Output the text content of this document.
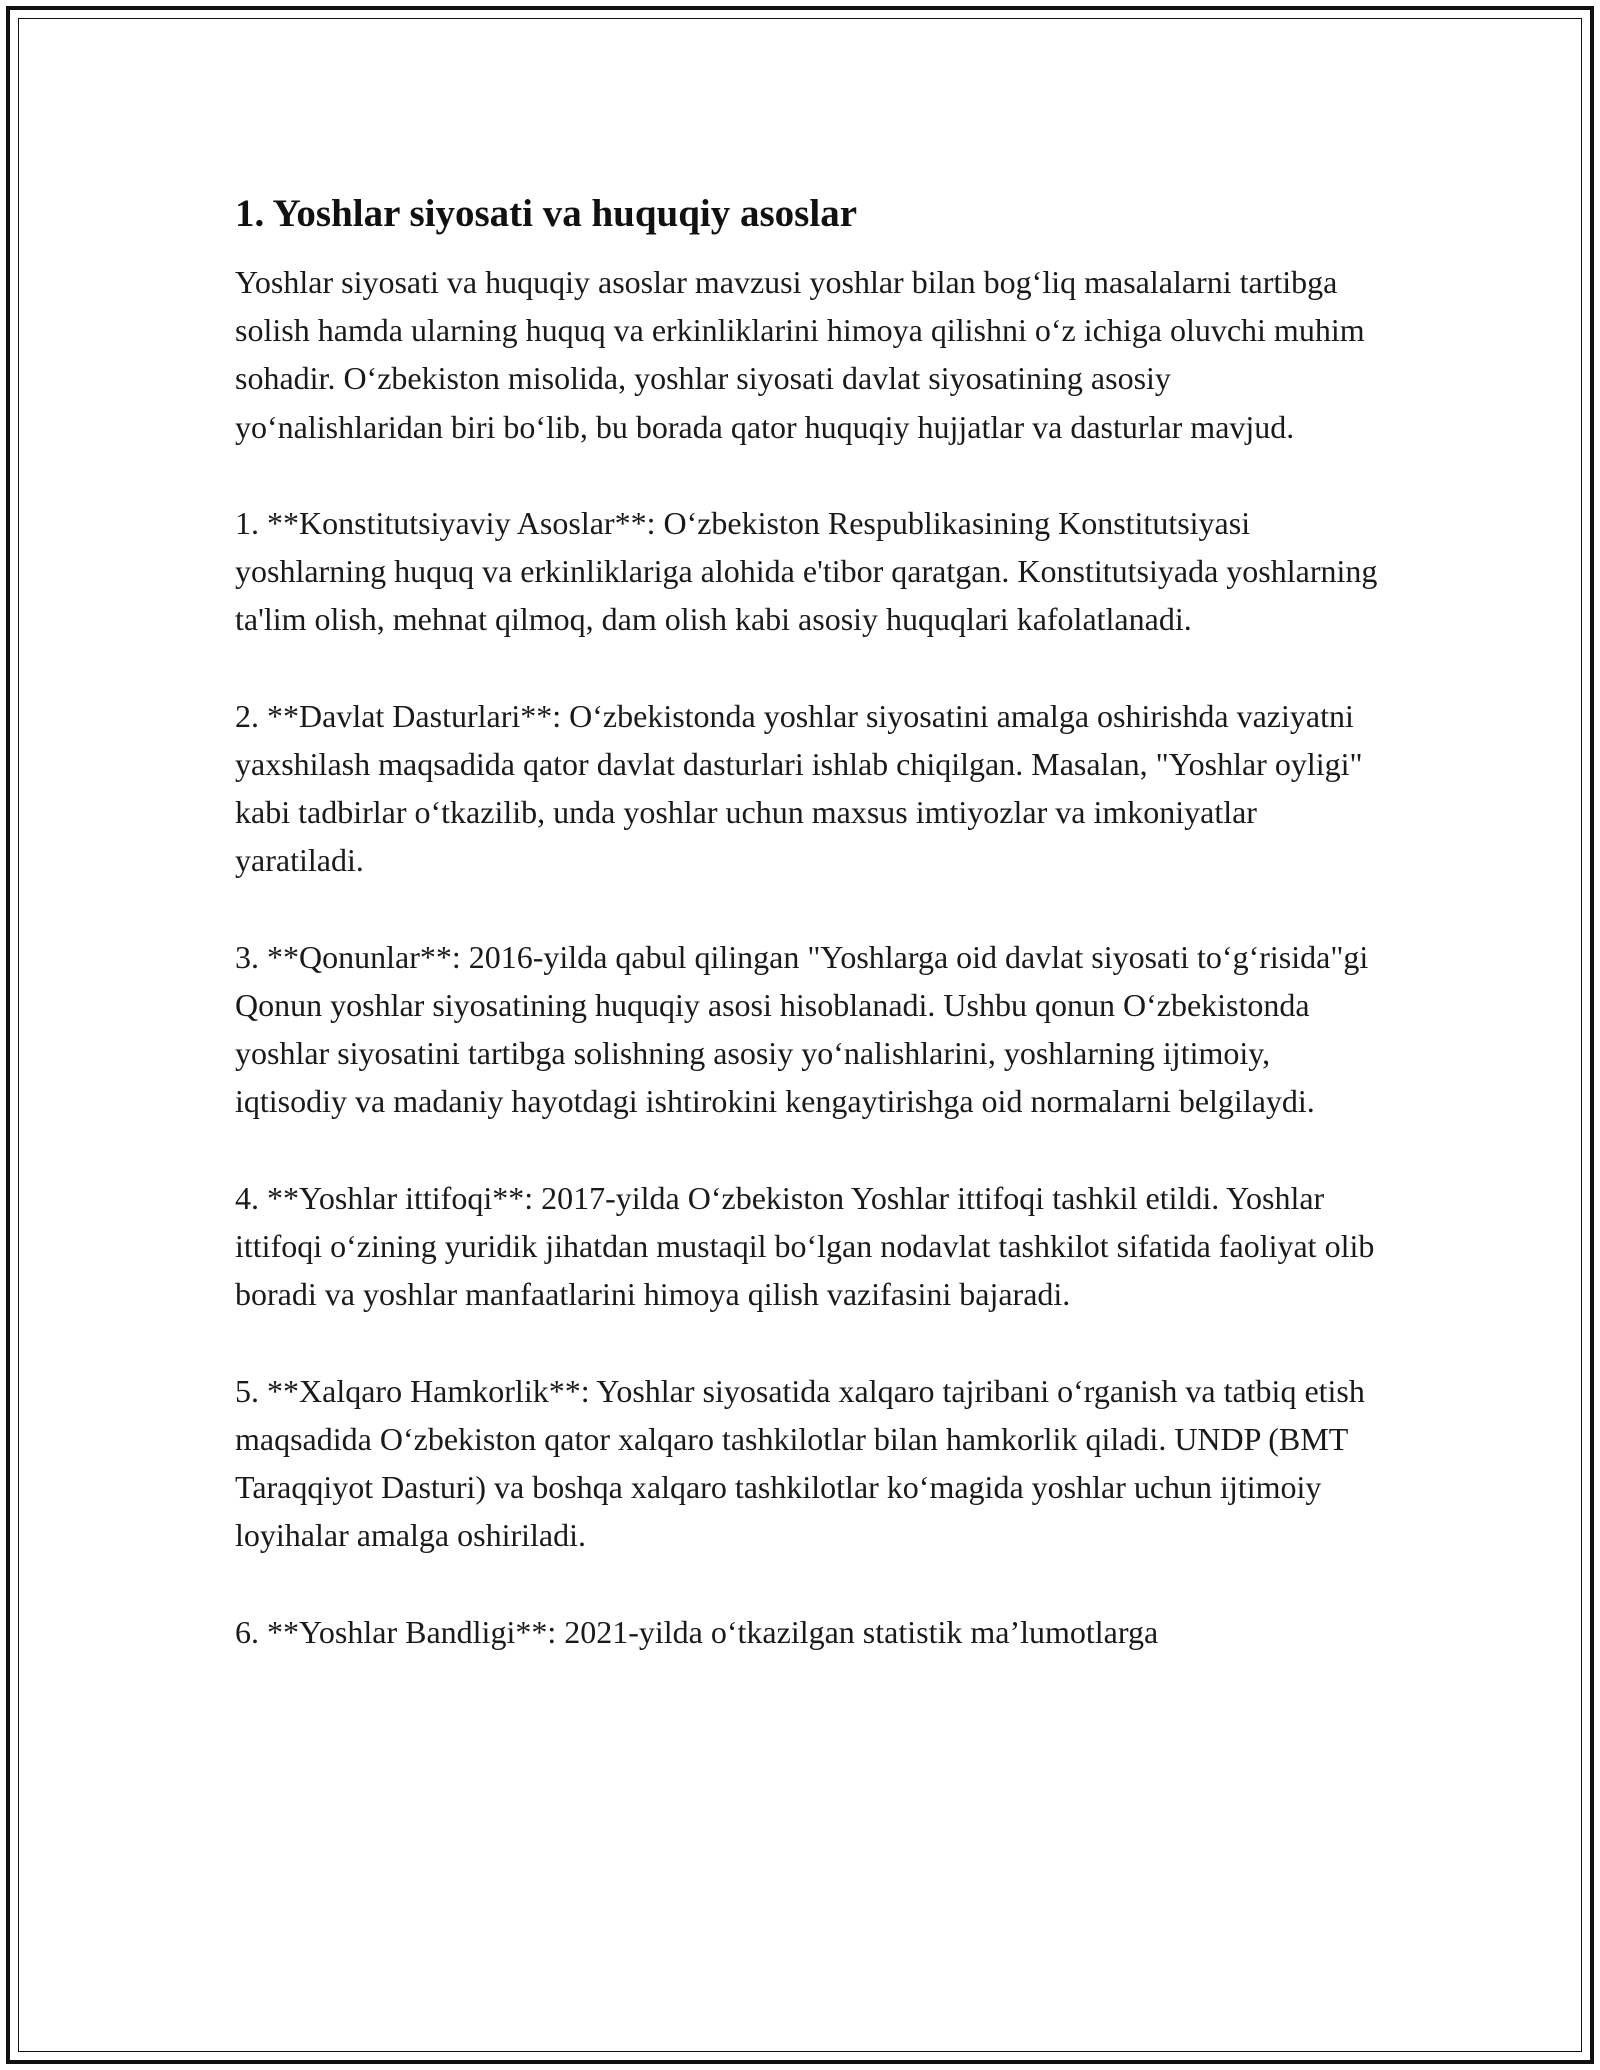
1. Yoshlar siyosati va huquqiy asoslar

Yoshlar siyosati va huquqiy asoslar mavzusi yoshlar bilan bog‘liq masalalarni tartibga solish hamda ularning huquq va erkinliklarini himoya qilishni o‘z ichiga oluvchi muhim sohadir. O‘zbekiston misolida, yoshlar siyosati davlat siyosatining asosiy yo‘nalishlaridan biri bo‘lib, bu borada qator huquqiy hujjatlar va dasturlar mavjud.

1. **Konstitutsiyaviy Asoslar**: O‘zbekiston Respublikasining Konstitutsiyasi yoshlarning huquq va erkinliklariga alohida e'tibor qaratgan. Konstitutsiyada yoshlarning ta'lim olish, mehnat qilmoq, dam olish kabi asosiy huquqlari kafolatlanadi.

2. **Davlat Dasturlari**: O‘zbekistonda yoshlar siyosatini amalga oshirishda vaziyatni yaxshilash maqsadida qator davlat dasturlari ishlab chiqilgan. Masalan, "Yoshlar oyligi" kabi tadbirlar o‘tkazilib, unda yoshlar uchun maxsus imtiyozlar va imkoniyatlar yaratiladi.

3. **Qonunlar**: 2016-yilda qabul qilingan "Yoshlarga oid davlat siyosati to‘g‘risida"gi Qonun yoshlar siyosatining huquqiy asosi hisoblanadi. Ushbu qonun O‘zbekistonda yoshlar siyosatini tartibga solishning asosiy yo‘nalishlarini, yoshlarning ijtimoiy, iqtisodiy va madaniy hayotdagi ishtirokini kengaytirishga oid normalarni belgilaydi.

4. **Yoshlar ittifoqi**: 2017-yilda O‘zbekiston Yoshlar ittifoqi tashkil etildi. Yoshlar ittifoqi o‘zining yuridik jihatdan mustaqil bo‘lgan nodavlat tashkilot sifatida faoliyat olib boradi va yoshlar manfaatlarini himoya qilish vazifasini bajaradi.

5. **Xalqaro Hamkorlik**: Yoshlar siyosatida xalqaro tajribani o‘rganish va tatbiq etish maqsadida O‘zbekiston qator xalqaro tashkilotlar bilan hamkorlik qiladi. UNDP (BMT Taraqqiyot Dasturi) va boshqa xalqaro tashkilotlar ko‘magida yoshlar uchun ijtimoiy loyihalar amalga oshiriladi.

6. **Yoshlar Bandligi**: 2021-yilda o‘tkazilgan statistik ma’lumotlarga
